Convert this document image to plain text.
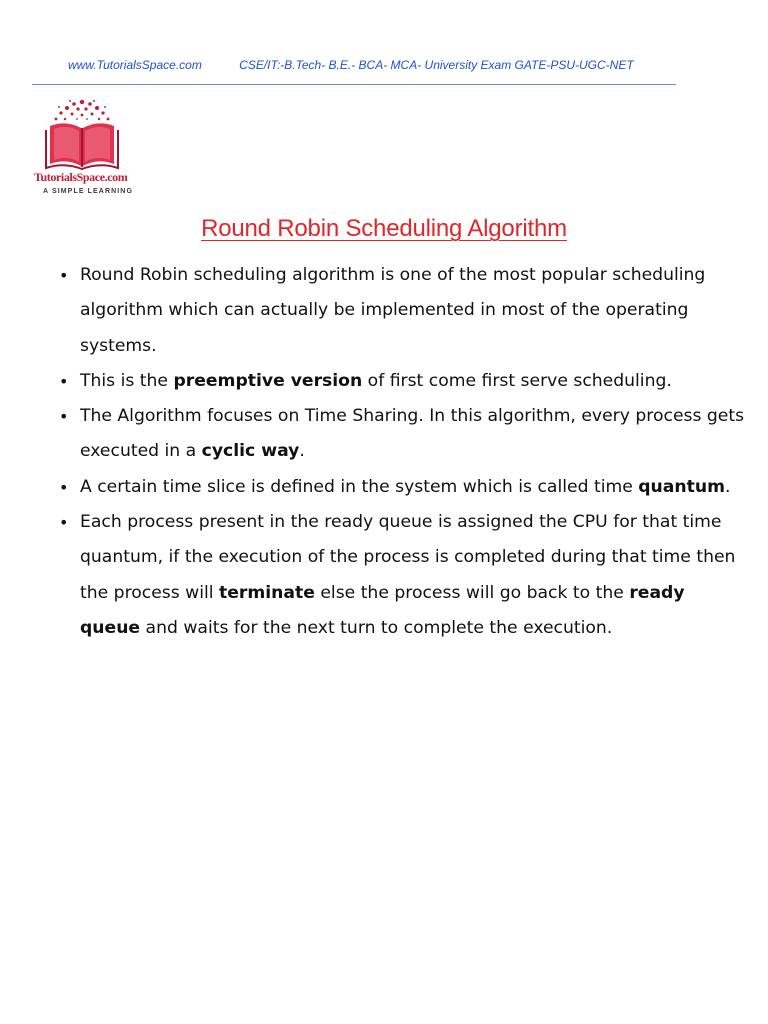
www.TutorialsSpace.com	CSE/IT:-B.Tech- B.E.- BCA- MCA- University Exam GATE-PSU-UGC-NET
TutorialsSpace.com
A SIMPLE LEARNING
Round Robin Scheduling Algorithm
• Round Robin scheduling algorithm is one of the most popular scheduling algorithm which can actually be implemented in most of the operating systems.
• This is the preemptive version of first come first serve scheduling.
• The Algorithm focuses on Time Sharing. In this algorithm, every process gets executed in a cyclic way.
• A certain time slice is defined in the system which is called time quantum.
• Each process present in the ready queue is assigned the CPU for that time quantum, if the execution of the process is completed during that time then the process will terminate else the process will go back to the ready queue and waits for the next turn to complete the execution.
